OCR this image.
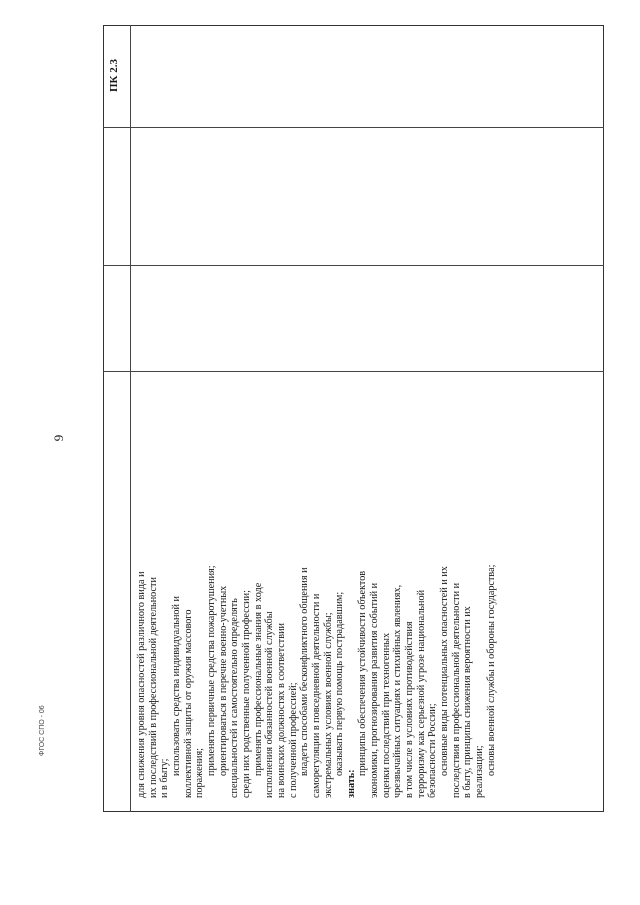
9
ФГОС СПО - 06
ПК 2.3
для снижения уровня опасностей различного вида и их последствий в профессиональной деятельности и в быту;
использовать средства индивидуальной и коллективной защиты от оружия массового поражения; применять первичные средства пожаротушения; ориентироваться в перечне военно-учетных специальностей и самостоятельно определять среди них родственные полученной профессии; применять профессиональные знания в ходе исполнения обязанностей военной службы на воинских должностях в соответствии с полученной профессией; владеть способами бесконфликтного общения и саморегуляции в повседневной деятельности и экстремальных условиях военной службы; оказывать первую помощь пострадавшим;
знать:
принципы обеспечения устойчивости объектов экономики, прогнозирования развития событий и оценки последствий при техногенных чрезвычайных ситуациях и стихийных явлениях, в том числе в условиях противодействия терроризму как серьезной угрозе национальной безопасности России; основные виды потенциальных опасностей и их последствия в профессиональной деятельности и в быту, принципы снижения вероятности их реализации; основы военной службы и обороны государства;
